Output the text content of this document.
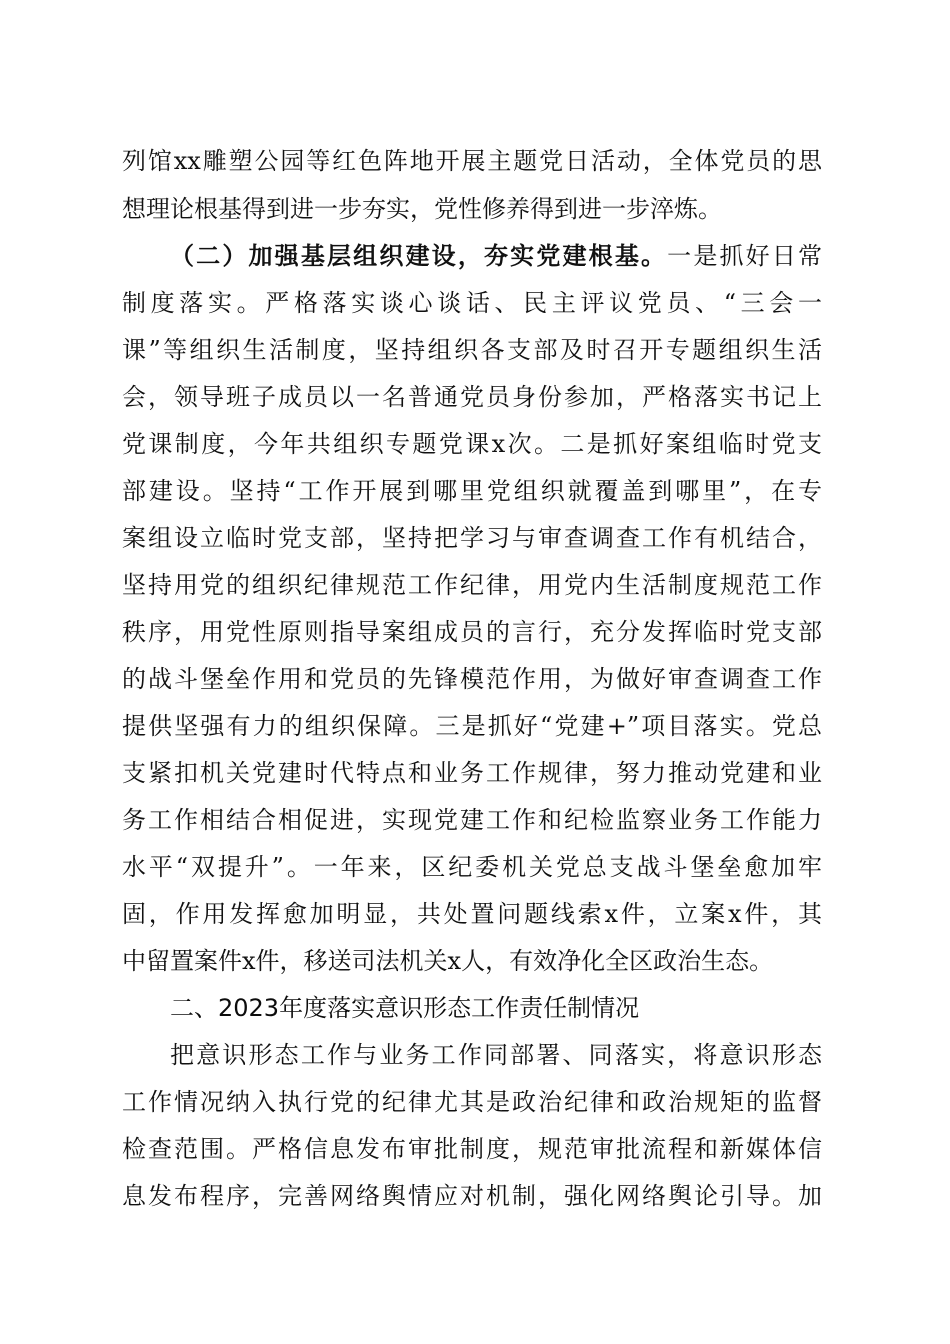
列馆xx雕塑公园等红色阵地开展主题党日活动，全体党员的思

想理论根基得到进一步夯实，党性修养得到进一步淬炼。

（二）加强基层组织建设，夯实党建根基。一是抓好日常

制度落实。严格落实谈心谈话、民主评议党员、“三会一

课”等组织生活制度，坚持组织各支部及时召开专题组织生活

会，领导班子成员以一名普通党员身份参加，严格落实书记上

党课制度，今年共组织专题党课x次。二是抓好案组临时党支

部建设。坚持“工作开展到哪里党组织就覆盖到哪里”，在专

案组设立临时党支部，坚持把学习与审查调查工作有机结合，

坚持用党的组织纪律规范工作纪律，用党内生活制度规范工作

秩序，用党性原则指导案组成员的言行，充分发挥临时党支部

的战斗堡垒作用和党员的先锋模范作用，为做好审查调查工作

提供坚强有力的组织保障。三是抓好“党建+”项目落实。党总

支紧扣机关党建时代特点和业务工作规律，努力推动党建和业

务工作相结合相促进，实现党建工作和纪检监察业务工作能力

水平“双提升”。一年来，区纪委机关党总支战斗堡垒愈加牢

固，作用发挥愈加明显，共处置问题线索x件，立案x件，其

中留置案件x件，移送司法机关x人，有效净化全区政治生态。

二、2023年度落实意识形态工作责任制情况

把意识形态工作与业务工作同部署、同落实，将意识形态

工作情况纳入执行党的纪律尤其是政治纪律和政治规矩的监督

检查范围。严格信息发布审批制度，规范审批流程和新媒体信

息发布程序，完善网络舆情应对机制，强化网络舆论引导。加
